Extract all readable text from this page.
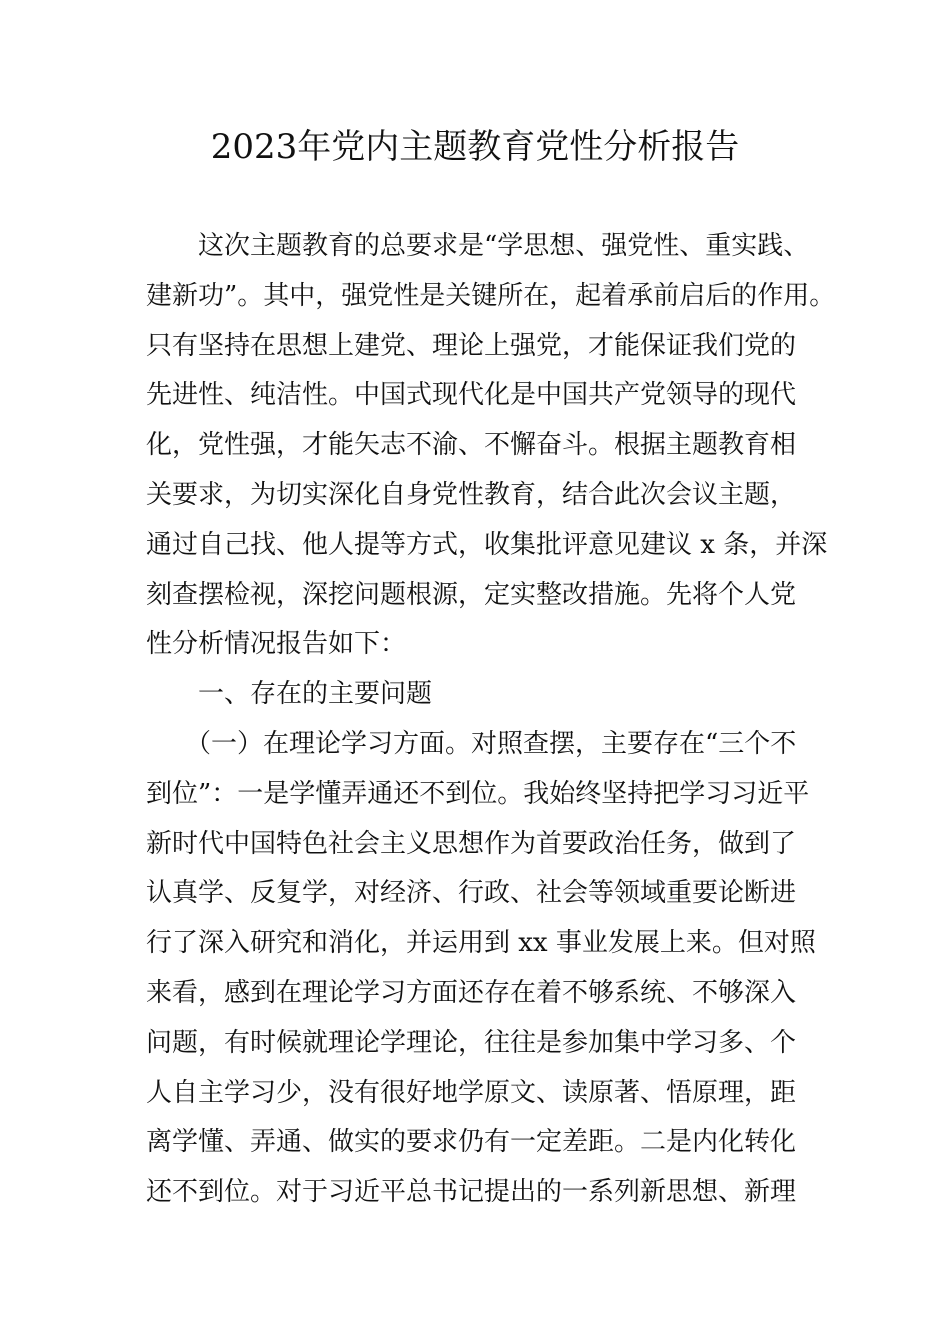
2023年党内主题教育党性分析报告
　　这次主题教育的总要求是“学思想、强党性、重实践、
建新功”。其中，强党性是关键所在，起着承前启后的作用。
只有坚持在思想上建党、理论上强党，才能保证我们党的
先进性、纯洁性。中国式现代化是中国共产党领导的现代
化，党性强，才能矢志不渝、不懈奋斗。根据主题教育相
关要求，为切实深化自身党性教育，结合此次会议主题，
通过自己找、他人提等方式，收集批评意见建议 x 条，并深
刻查摆检视，深挖问题根源，定实整改措施。先将个人党
性分析情况报告如下：
　　一、存在的主要问题
　　（一）在理论学习方面。对照查摆，主要存在“三个不
到位”：一是学懂弄通还不到位。我始终坚持把学习习近平
新时代中国特色社会主义思想作为首要政治任务，做到了
认真学、反复学，对经济、行政、社会等领域重要论断进
行了深入研究和消化，并运用到 xx 事业发展上来。但对照
来看，感到在理论学习方面还存在着不够系统、不够深入
问题，有时候就理论学理论，往往是参加集中学习多、个
人自主学习少，没有很好地学原文、读原著、悟原理，距
离学懂、弄通、做实的要求仍有一定差距。二是内化转化
还不到位。对于习近平总书记提出的一系列新思想、新理
